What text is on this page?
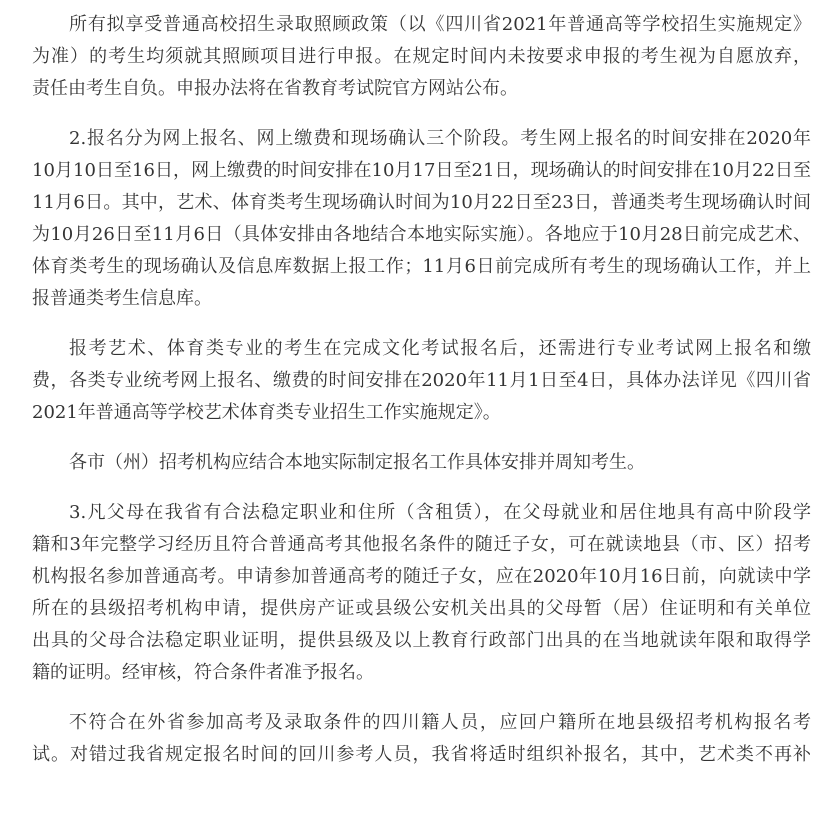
所有拟享受普通高校招生录取照顾政策（以《四川省2021年普通高等学校招生实施规定》
为准）的考生均须就其照顾项目进行申报。在规定时间内未按要求申报的考生视为自愿放弃，
责任由考生自负。申报办法将在省教育考试院官方网站公布。
2.报名分为网上报名、网上缴费和现场确认三个阶段。考生网上报名的时间安排在2020年
10月10日至16日，网上缴费的时间安排在10月17日至21日，现场确认的时间安排在10月22日至
11月6日。其中，艺术、体育类考生现场确认时间为10月22日至23日，普通类考生现场确认时间
为10月26日至11月6日（具体安排由各地结合本地实际实施）。各地应于10月28日前完成艺术、
体育类考生的现场确认及信息库数据上报工作；11月6日前完成所有考生的现场确认工作，并上
报普通类考生信息库。
报考艺术、体育类专业的考生在完成文化考试报名后，还需进行专业考试网上报名和缴
费，各类专业统考网上报名、缴费的时间安排在2020年11月1日至4日，具体办法详见《四川省
2021年普通高等学校艺术体育类专业招生工作实施规定》。
各市（州）招考机构应结合本地实际制定报名工作具体安排并周知考生。
3.凡父母在我省有合法稳定职业和住所（含租赁），在父母就业和居住地具有高中阶段学
籍和3年完整学习经历且符合普通高考其他报名条件的随迁子女，可在就读地县（市、区）招考
机构报名参加普通高考。申请参加普通高考的随迁子女，应在2020年10月16日前，向就读中学
所在的县级招考机构申请，提供房产证或县级公安机关出具的父母暂（居）住证明和有关单位
出具的父母合法稳定职业证明，提供县级及以上教育行政部门出具的在当地就读年限和取得学
籍的证明。经审核，符合条件者准予报名。
不符合在外省参加高考及录取条件的四川籍人员，应回户籍所在地县级招考机构报名考
试。对错过我省规定报名时间的回川参考人员，我省将适时组织补报名，其中，艺术类不再补
